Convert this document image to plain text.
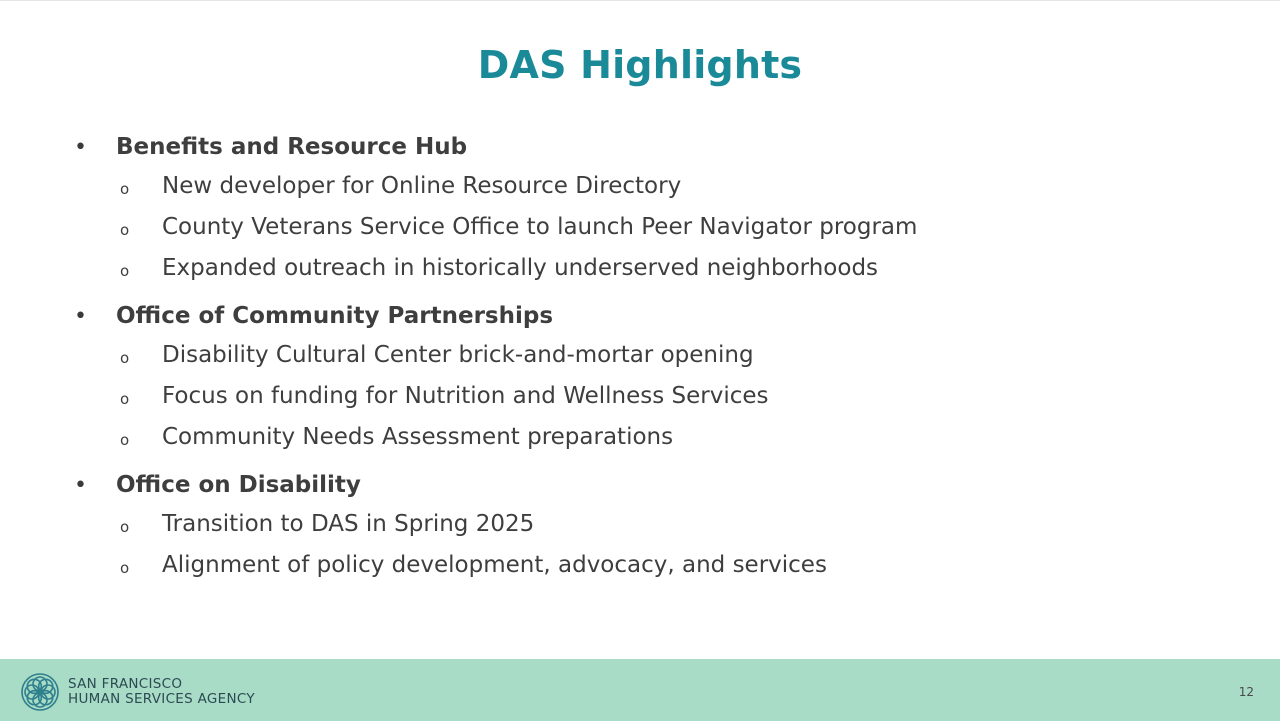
DAS Highlights
•	Benefits and Resource Hub
o	New developer for Online Resource Directory
o	County Veterans Service Office to launch Peer Navigator program
o	Expanded outreach in historically underserved neighborhoods
•	Office of Community Partnerships
o	Disability Cultural Center brick-and-mortar opening
o	Focus on funding for Nutrition and Wellness Services
o	Community Needs Assessment preparations
•	Office on Disability
o	Transition to DAS in Spring 2025
o	Alignment of policy development, advocacy, and services
SAN FRANCISCO
HUMAN SERVICES AGENCY	12
